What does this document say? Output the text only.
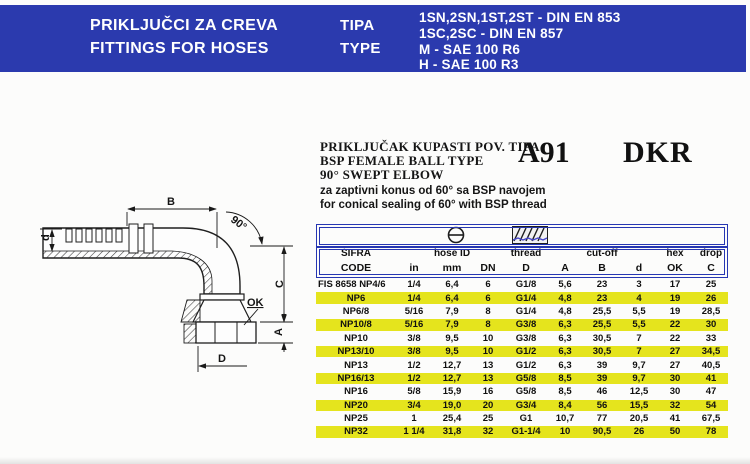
PRIKLJUČCI ZA CREVA
FITTINGS FOR HOSES
TIPA
TYPE
1SN,2SN,1ST,2ST - DIN EN 853
1SC,2SC - DIN EN 857
M - SAE 100 R6
H - SAE 100 R3
PRIKLJUČAK KUPASTI POV. TIPA
BSP FEMALE BALL TYPE
90° SWEPT ELBOW
A91 DKR
za zaptivni konus od 60° sa BSP navojem
for conical sealing of 60° with BSP thread
d
B
90°
C
A
OK
D
ŠIFRA	hose ID	thread	cut-off	hex	drop
CODE	in	mm	DN	D	A	B	d	OK	C
FIS 8658 NP4/6	1/4	6,4	6	G1/8	5,6	23	3	17	25
NP6	1/4	6,4	6	G1/4	4,8	23	4	19	26
NP6/8	5/16	7,9	8	G1/4	4,8	25,5	5,5	19	28,5
NP10/8	5/16	7,9	8	G3/8	6,3	25,5	5,5	22	30
NP10	3/8	9,5	10	G3/8	6,3	30,5	7	22	33
NP13/10	3/8	9,5	10	G1/2	6,3	30,5	7	27	34,5
NP13	1/2	12,7	13	G1/2	6,3	39	9,7	27	40,5
NP16/13	1/2	12,7	13	G5/8	8,5	39	9,7	30	41
NP16	5/8	15,9	16	G5/8	8,5	46	12,5	30	47
NP20	3/4	19,0	20	G3/4	8,4	56	15,5	32	54
NP25	1	25,4	25	G1	10,7	77	20,5	41	67,5
NP32	1 1/4	31,8	32	G1-1/4	10	90,5	26	50	78
